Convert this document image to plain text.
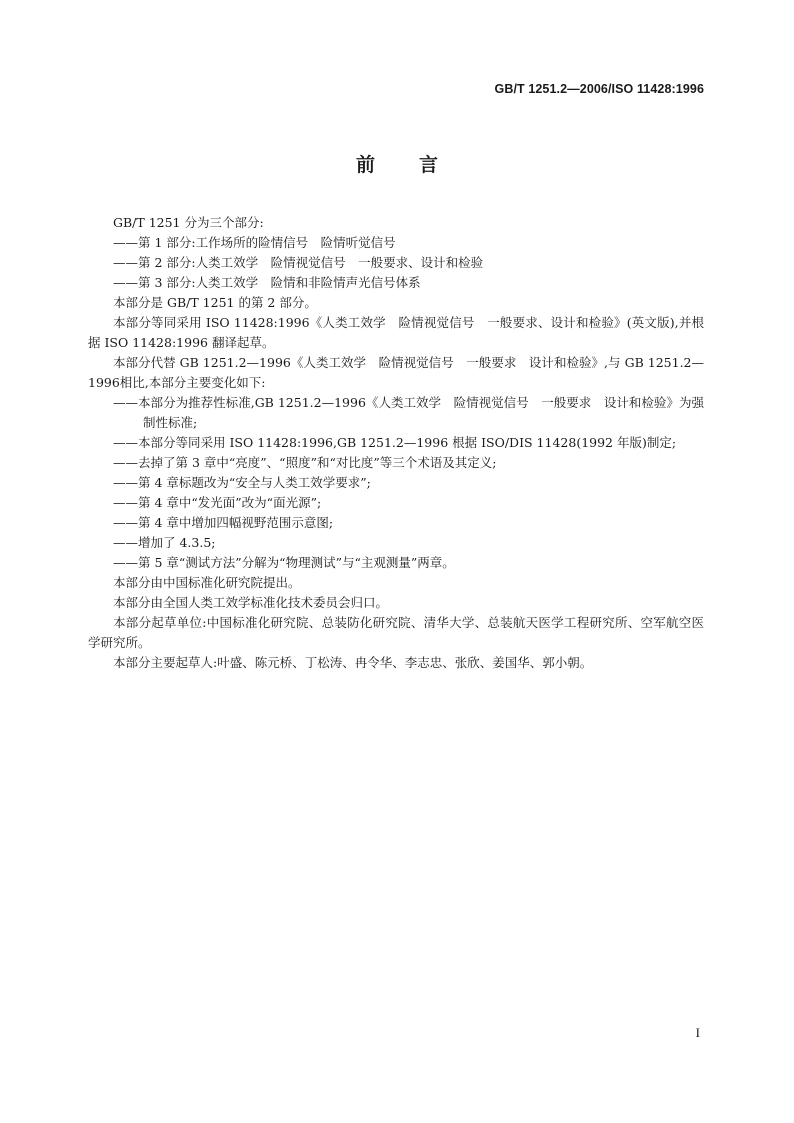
GB/T 1251.2—2006/ISO 11428:1996
前言

GB/T 1251 分为三个部分:

——第 1 部分:工作场所的险情信号　险情听觉信号

——第 2 部分:人类工效学　险情视觉信号　一般要求、设计和检验

——第 3 部分:人类工效学　险情和非险情声光信号体系

本部分是 GB/T 1251 的第 2 部分。

本部分等同采用 ISO 11428:1996《人类工效学　险情视觉信号　一般要求、设计和检验》(英文版),并根据 ISO 11428:1996 翻译起草。

本部分代替 GB 1251.2—1996《人类工效学　险情视觉信号　一般要求　设计和检验》,与 GB 1251.2—1996相比,本部分主要变化如下:

——本部分为推荐性标准,GB 1251.2—1996《人类工效学　险情视觉信号　一般要求　设计和检验》为强制性标准;

——本部分等同采用 ISO 11428:1996,GB 1251.2—1996 根据 ISO/DIS 11428(1992 年版)制定;

——去掉了第 3 章中“亮度”、“照度”和“对比度”等三个术语及其定义;

——第 4 章标题改为“安全与人类工效学要求”;

——第 4 章中“发光面”改为“面光源”;

——第 4 章中增加四幅视野范围示意图;

——增加了 4.3.5;

——第 5 章“测试方法”分解为“物理测试”与“主观测量”两章。

本部分由中国标准化研究院提出。

本部分由全国人类工效学标准化技术委员会归口。

本部分起草单位:中国标准化研究院、总装防化研究院、清华大学、总装航天医学工程研究所、空军航空医学研究所。

本部分主要起草人:叶盛、陈元桥、丁松涛、冉令华、李志忠、张欣、姜国华、郭小朝。

I
